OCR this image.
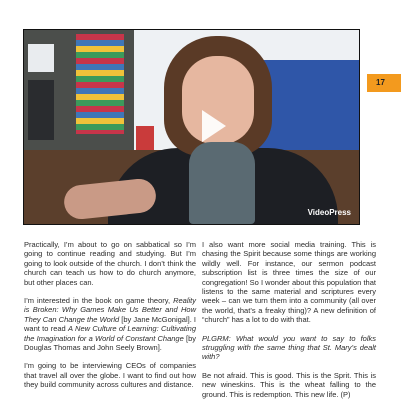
17
VideoPress

Practically, I’m about to go on sabbatical so I’m going to continue reading and studying. But I’m going to look outside of the church. I don’t think the church can teach us how to do church anymore, but other places can.

I’m interested in the book on game theory, Reality is Broken: Why Games Make Us Better and How They Can Change the World [by Jane McGonigal]. I want to read A New Culture of Learning: Cultivating the Imagination for a World of Constant Change [by Douglas Thomas and John Seely Brown].

I’m going to be interviewing CEOs of companies that travel all over the globe. I want to find out how they build community across cultures and distance.

I also want more social media training. This is chasing the Spirit because some things are working wildly well. For instance, our sermon podcast subscription list is three times the size of our congregation! So I wonder about this population that listens to the same material and scriptures every week – can we turn them into a community (all over the world, that’s a freaky thing)? A new definition of “church” has a lot to do with that.

PLGRM: What would you want to say to folks struggling with the same thing that St. Mary’s dealt with?

Be not afraid. This is good. This is the Sprit. This is new wineskins. This is the wheat falling to the ground. This is redemption. This new life. (P)
